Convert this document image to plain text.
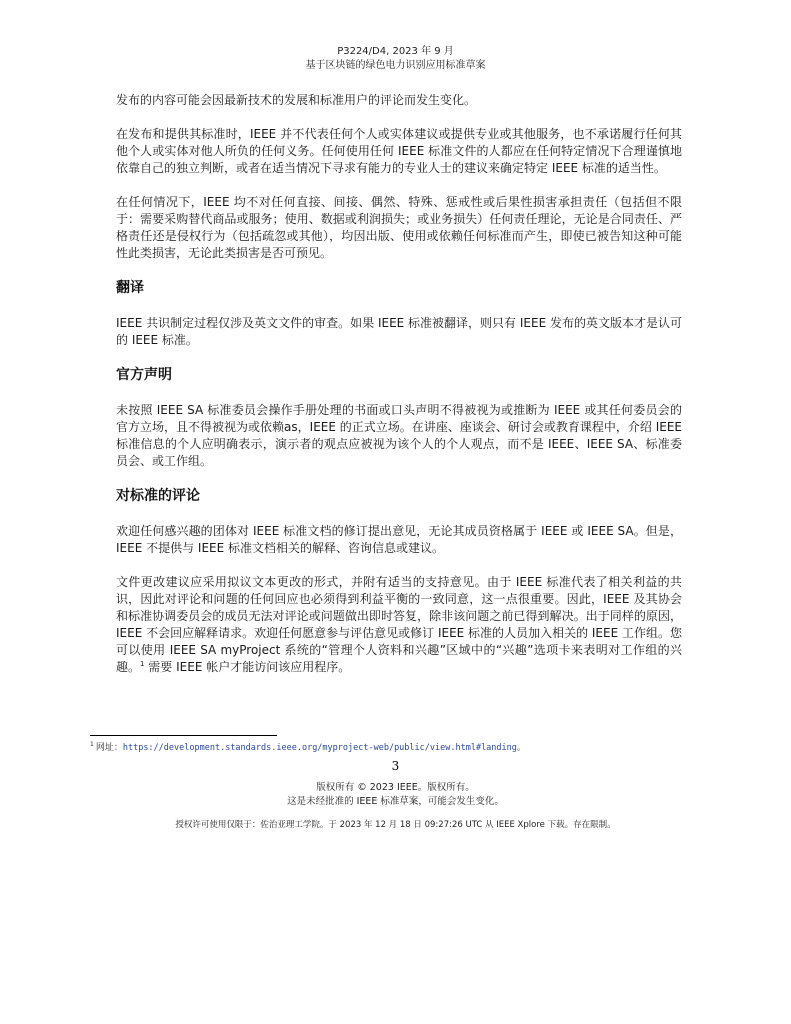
P3224/D4, 2023 年 9 月
基于区块链的绿色电力识别应用标准草案

发布的内容可能会因最新技术的发展和标准用户的评论而发生变化。

在发布和提供其标准时，IEEE 并不代表任何个人或实体建议或提供专业或其他服务，也不承诺履行任何其他个人或实体对他人所负的任何义务。任何使用任何 IEEE 标准文件的人都应在任何特定情况下合理谨慎地依靠自己的独立判断，或者在适当情况下寻求有能力的专业人士的建议来确定特定 IEEE 标准的适当性。

在任何情况下，IEEE 均不对任何直接、间接、偶然、特殊、惩戒性或后果性损害承担责任（包括但不限于：需要采购替代商品或服务；使用、数据或利润损失；或业务损失）任何责任理论，无论是合同责任、严格责任还是侵权行为（包括疏忽或其他），均因出版、使用或依赖任何标准而产生，即使已被告知这种可能性此类损害，无论此类损害是否可预见。

翻译

IEEE 共识制定过程仅涉及英文文件的审查。如果 IEEE 标准被翻译，则只有 IEEE 发布的英文版本才是认可的 IEEE 标准。

官方声明

未按照 IEEE SA 标准委员会操作手册处理的书面或口头声明不得被视为或推断为 IEEE 或其任何委员会的官方立场，且不得被视为或依赖as，IEEE 的正式立场。在讲座、座谈会、研讨会或教育课程中，介绍 IEEE 标准信息的个人应明确表示，演示者的观点应被视为该个人的个人观点，而不是 IEEE、IEEE SA、标准委员会、或工作组。

对标准的评论

欢迎任何感兴趣的团体对 IEEE 标准文档的修订提出意见，无论其成员资格属于 IEEE 或 IEEE SA。但是，IEEE 不提供与 IEEE 标准文档相关的解释、咨询信息或建议。

文件更改建议应采用拟议文本更改的形式，并附有适当的支持意见。由于 IEEE 标准代表了相关利益的共识，因此对评论和问题的任何回应也必须得到利益平衡的一致同意，这一点很重要。因此，IEEE 及其协会和标准协调委员会的成员无法对评论或问题做出即时答复，除非该问题之前已得到解决。出于同样的原因，IEEE 不会回应解释请求。欢迎任何愿意参与评估意见或修订 IEEE 标准的人员加入相关的 IEEE 工作组。您可以使用 IEEE SA myProject 系统的“管理个人资料和兴趣”区域中的“兴趣”选项卡来表明对工作组的兴趣。$^1$ 需要 IEEE 帐户才能访问该应用程序。

$^1$ 网址：https://development.standards.ieee.org/myproject-web/public/view.html#landing。
3
版权所有 © 2023 IEEE。版权所有。
这是未经批准的 IEEE 标准草案，可能会发生变化。
授权许可使用仅限于：佐治亚理工学院。于 2023 年 12 月 18 日 09:27:26 UTC 从 IEEE Xplore 下载。存在限制。
